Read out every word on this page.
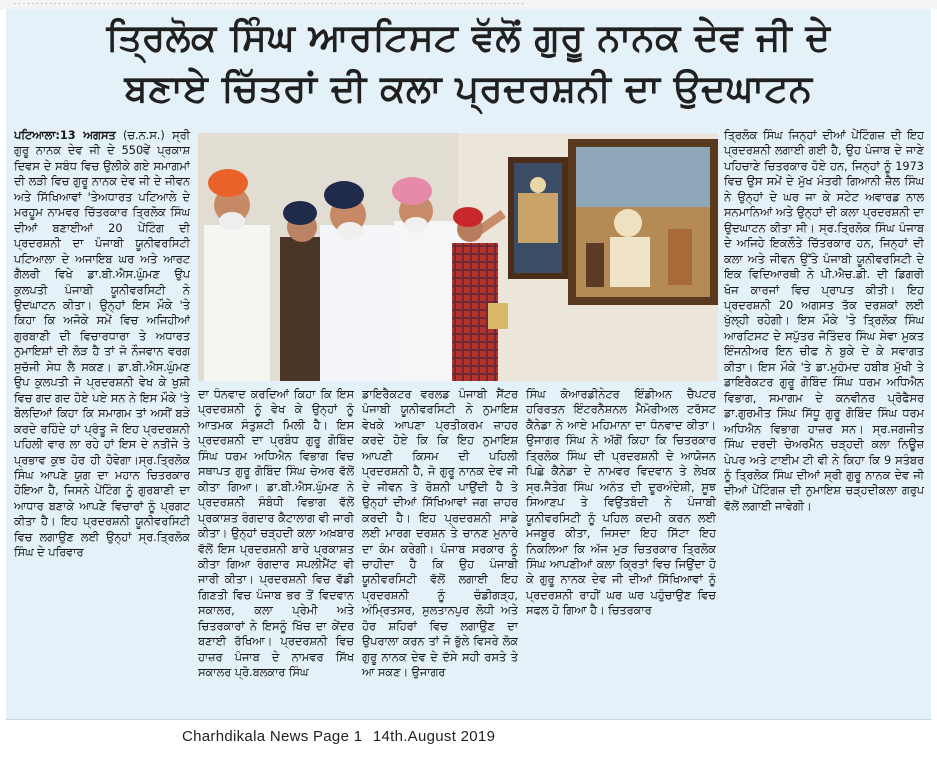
· · · · · · · · · · · · · · · · · · · · · · · · · · · · · · · · · · · · · · · · · · · · · · · · · · · · · · · · · · · · · · · · · · · · · · · · · · · · · · · · · · · · · · · · · · · · · · · · · · · · · · · · · · · · · · · · · · ·
ਤ੍ਰਿਲੋਕ ਸਿੰਘ ਆਰਟਿਸਟ ਵੱਲੋਂ ਗੁਰੂ ਨਾਨਕ ਦੇਵ ਜੀ ਦੇ
ਬਣਾਏ ਚਿੱਤਰਾਂ ਦੀ ਕਲਾ ਪ੍ਰਦਰਸ਼ਨੀ ਦਾ ਉਦਘਾਟਨ
ਪਟਿਆਲਾ:13 ਅਗਸਤ (ਚ.ਨ.ਸ.) ਸ੍ਰੀ ਗੁਰੂ ਨਾਨਕ ਦੇਵ ਜੀ ਦੇ 550ਵੇਂ ਪ੍ਰਕਾਸ਼ ਦਿਵਸ ਦੇ ਸਬੰਧ ਵਿਚ ਉਲੀਕੇ ਗਏ ਸਮਾਗਮਾਂ ਦੀ ਲੜੀ ਵਿਚ ਗੁਰੂ ਨਾਨਕ ਦੇਵ ਜੀ ਦੇ ਜੀਵਨ ਅਤੇ ਸਿੱਖਿਆਵਾਂ 'ਤੇਅਧਾਰਤ ਪਟਿਆਲੇ ਦੇ ਮਰਹੂਮ ਨਾਮਵਰ ਚਿੱਤਰਕਾਰ ਤ੍ਰਿਲੋਕ ਸਿੰਘ ਦੀਆਂ ਬਣਾਈਆਂ 20 ਪੇਂਟਿੰਗ ਦੀ ਪ੍ਰਦਰਸ਼ਨੀ ਦਾ ਪੰਜਾਬੀ ਯੂਨੀਵਰਸਿਟੀ ਪਟਿਆਲਾ ਦੇ ਅਜਾਇਬ ਘਰ ਅਤੇ ਆਰਟ ਗੈਲਰੀ ਵਿਖੇ ਡਾ.ਬੀ.ਐਸ.ਘੁੰਮਣ ਉਪ ਕੁਲਪਤੀ ਪੰਜਾਬੀ ਯੂਨੀਵਰਸਿਟੀ ਨੇ ਉਦਘਾਟਨ ਕੀਤਾ। ਉਨ੍ਹਾਂ ਇਸ ਮੌਕੇ 'ਤੇ ਕਿਹਾ ਕਿ ਅਜੋਕੇ ਸਮੇਂ ਵਿਚ ਅਜਿਹੀਆਂ ਗੁਰਬਾਣੀ ਦੀ ਵਿਚਾਰਧਾਰਾ ਤੇ ਅਧਾਰਤ ਨੁਮਾਇਸ਼ਾਂ ਦੀ ਲੋੜ ਹੈ ਤਾਂ ਜੋ ਨੌਜਵਾਨ ਵਰਗ ਸੁਚੱਜੀ ਸੇਧ ਲੈ ਸਕਣ। ਡਾ.ਬੀ.ਐਸ.ਘੁੰਮਣ ਉਪ ਕੁਲਪਤੀ ਜੋ ਪ੍ਰਦਰਸ਼ਨੀ ਵੇਖ ਕੇ ਖੁਸ਼ੀ ਵਿਚ ਗਦ ਗਦ ਹੋਏ ਪਏ ਸਨ ਨੇ ਇਸ ਮੌਕੇ 'ਤੇ ਬੋਲਦਿਆਂ ਕਿਹਾ ਕਿ ਸਮਾਗਮ ਤਾਂ ਅਸੀਂ ਬੜੇ ਕਰਦੇ ਰਹਿੰਦੇ ਹਾਂ ਪ੍ਰੰਤੂ ਜੋ ਇਹ ਪ੍ਰਦਰਸ਼ਨੀ ਪਹਿਲੀ ਵਾਰ ਲਾ ਰਹੇ ਹਾਂ ਇਸ ਦੇ ਨਤੀਜੇ ਤੇ ਪ੍ਰਭਾਵ ਕੁਝ ਹੋਰ ਹੀ ਹੋਵੇਗਾ।ਸ੍ਰ.ਤ੍ਰਿਲੋਕ ਸਿੰਘ ਆਪਣੇ ਯੁਗ ਦਾ ਮਹਾਨ ਚਿਤਰਕਾਰ ਹੋਇਆ ਹੈ, ਜਿਸਨੇ ਪੇਂਟਿੰਗ ਨੂੰ ਗੁਰਬਾਣੀ ਦਾ ਆਧਾਰ ਬਣਾਕੇ ਆਪਣੇ ਵਿਚਾਰਾਂ ਨੂੰ ਪ੍ਰਗਟ ਕੀਤਾ ਹੈ। ਇਹ ਪ੍ਰਦਰਸ਼ਨੀ ਯੂਨੀਵਰਸਿਟੀ ਵਿਚ ਲਗਾਉਣ ਲਈ ਉਨ੍ਹਾਂ ਸ੍ਰ.ਤ੍ਰਿਲੋਕ ਸਿੰਘ ਦੇ ਪਰਿਵਾਰ
ਦਾ ਧੰਨਵਾਦ ਕਰਦਿਆਂ ਕਿਹਾ ਕਿ ਇਸ ਪ੍ਰਦਰਸ਼ਨੀ ਨੂੰ ਵੇਖ ਕੇ ਉਨ੍ਹਾਂ ਨੂੰ ਆਤਮਕ ਸੰਤੁਸ਼ਟੀ ਮਿਲੀ ਹੈ। ਇਸ ਪ੍ਰਦਰਸ਼ਨੀ ਦਾ ਪ੍ਰਬੰਧ ਗੁਰੂ ਗੋਬਿੰਦ ਸਿੰਘ ਧਰਮ ਅਧਿਐਨ ਵਿਭਾਗ ਵਿਚ ਸਥਾਪਤ ਗੁਰੂ ਗੋਬਿੰਦ ਸਿੰਘ ਚੇਅਰ ਵੱਲੋਂ ਕੀਤਾ ਗਿਆ। ਡਾ.ਬੀ.ਐਸ.ਘੁੰਮਣ ਨੇ ਪ੍ਰਦਰਸ਼ਨੀ ਸੰਬੰਧੀ ਵਿਭਾਗ ਵੱਲੋਂ ਪ੍ਰਕਾਸ਼ਤ ਰੰਗਦਾਰ ਕੈਟਾਲਾਗ ਵੀ ਜਾਰੀ ਕੀਤਾ। ਉਨ੍ਹਾਂ ਚੜ੍ਹਦੀ ਕਲਾ ਅਖ਼ਬਾਰ ਵੱਲੋਂ ਇਸ ਪ੍ਰਦਰਸ਼ਨੀ ਬਾਰੇ ਪ੍ਰਕਾਸ਼ਤ ਕੀਤਾ ਗਿਆ ਰੰਗਦਾਰ ਸਪਲੀਮੈਂਟ ਵੀ ਜਾਰੀ ਕੀਤਾ। ਪ੍ਰਦਰਸ਼ਨੀ ਵਿਚ ਵੱਡੀ ਗਿਣਤੀ ਵਿਚ ਪੰਜਾਬ ਭਰ ਤੋਂ ਵਿਦਵਾਨ ਸਕਾਲਰ, ਕਲਾ ਪ੍ਰੇਮੀ ਅਤੇ ਚਿਤਰਕਾਰਾਂ ਨੇ ਇਸਨੂੰ ਖਿੱਚ ਦਾ ਕੇਂਦਰ ਬਣਾਈ ਰੱਖਿਆ। ਪ੍ਰਦਰਸ਼ਨੀ ਵਿਚ ਹਾਜ਼ਰ ਪੰਜਾਬ ਦੇ ਨਾਮਵਰ ਸਿੱਖ ਸਕਾਲਰ ਪ੍ਰੋ.ਬਲਕਾਰ ਸਿੰਘ
ਡਾਇਰੈਕਟਰ ਵਰਲਡ ਪੰਜਾਬੀ ਸੈਂਟਰ ਪੰਜਾਬੀ ਯੂਨੀਵਰਸਿਟੀ ਨੇ ਨੁਮਾਇਸ਼ ਵੇਖਕੇ ਆਪਣਾ ਪ੍ਰਤੀਕਰਮ ਜ਼ਾਹਰ ਕਰਦੇ ਹੋਏ ਕਿ ਕਿ ਇਹ ਨੁਮਾਇਸ਼ ਆਪਣੀ ਕਿਸਮ ਦੀ ਪਹਿਲੀ ਪ੍ਰਦਰਸ਼ਨੀ ਹੈ, ਜੋ ਗੁਰੂ ਨਾਨਕ ਦੇਵ ਜੀ ਦੇ ਜੀਵਨ ਤੇ ਰੋਸ਼ਨੀ ਪਾਉਂਦੀ ਹੈ ਤੇ ਉਨ੍ਹਾਂ ਦੀਆਂ ਸਿੱਖਿਆਵਾਂ ਜਗ ਜ਼ਾਹਰ ਕਰਦੀ ਹੈ। ਇਹ ਪ੍ਰਦਰਸ਼ਨੀ ਸਾਡੇ ਲਈ ਮਾਰਗ ਦਰਸ਼ਨ ਤੇ ਚਾਨਣ ਮੁਨਾਰੇ ਦਾ ਕੰਮ ਕਰੇਗੀ। ਪੰਜਾਬ ਸਰਕਾਰ ਨੂੰ ਚਾਹੀਦਾ ਹੈ ਕਿ ਉਹ ਪੰਜਾਬੀ ਯੂਨੀਵਰਸਿਟੀ ਵੱਲੋਂ ਲਗਾਈ ਇਹ ਪ੍ਰਦਰਸ਼ਨੀ ਨੂੰ ਚੰਡੀਗੜ੍ਹ, ਅੰਮ੍ਰਿਤਸਰ, ਸੁਲਤਾਨਪੁਰ ਲੋਧੀ ਅਤੇ ਹੋਰ ਸ਼ਹਿਰਾਂ ਵਿਚ ਲਗਾਉਣ ਦਾ ਉਪਰਾਲਾ ਕਰਨ ਤਾਂ ਜੋ ਭੁੱਲੇ ਵਿਸਰੇ ਲੋਕ ਗੁਰੂ ਨਾਨਕ ਦੇਵ ਦੇ ਦੱਸੇ ਸਹੀ ਰਸਤੇ ਤੇ ਆ ਸਕਣ। ਉਜਾਗਰ
ਸਿੰਘ ਕੋਆਰਡੀਨੇਟਰ ਇੰਡੀਅਨ ਚੈਪਟਰ ਹਰਿਰਤਨ ਇੰਟਰਨੈਸ਼ਨਲ ਮੈਮੋਰੀਅਲ ਟਰੱਸਟ ਕੈਨੇਡਾ ਨੇ ਆਏ ਮਹਿਮਾਨਾ ਦਾ ਧੰਨਵਾਦ ਕੀਤਾ। ਉਜਾਗਰ ਸਿੰਘ ਨੇ ਅੱਗੋਂ ਕਿਹਾ ਕਿ ਚਿਤਰਕਾਰ ਤ੍ਰਿਲੋਕ ਸਿੰਘ ਦੀ ਪ੍ਰਦਰਸ਼ਨੀ ਦੇ ਆਯੋਜਨ ਪਿਛੇ ਕੈਨੇਡਾ ਦੇ ਨਾਮਵਰ ਵਿਦਵਾਨ ਤੇ ਲੇਖਕ ਸ੍ਰ.ਜੈਤੇਗ ਸਿੰਘ ਅਨੰਤ ਦੀ ਦੂਰਅੰਦੇਸ਼ੀ, ਸੂਝ ਸਿਆਣਪ ਤੇ ਵਿਉਂਤਬੰਦੀ ਨੇ ਪੰਜਾਬੀ ਯੂਨੀਵਰਸਿਟੀ ਨੂੰ ਪਹਿਲ ਕਦਮੀ ਕਰਨ ਲਈ ਮਜਬੂਰ ਕੀਤਾ, ਜਿਸਦਾ ਇਹ ਸਿੱਟਾ ਇਹ ਨਿਕਲਿਆ ਕਿ ਅੱਜ ਮੁੜ ਚਿਤਰਕਾਰ ਤ੍ਰਿਲੋਕ ਸਿੰਘ ਆਪਣੀਆਂ ਕਲਾ ਕ੍ਰਿਤਾਂ ਵਿਚ ਜਿਉਂਦਾ ਹੋ ਕੇ ਗੁਰੂ ਨਾਨਕ ਦੇਵ ਜੀ ਦੀਆਂ ਸਿੱਖਿਆਵਾਂ ਨੂੰ ਪ੍ਰਦਰਸ਼ਨੀ ਰਾਹੀਂ ਘਰ ਘਰ ਪਹੁੰਚਾਉਣ ਵਿਚ ਸਫਲ ਹੋ ਗਿਆ ਹੈ। ਚਿਤਰਕਾਰ
ਤ੍ਰਿਲੋਕ ਸਿੰਘ ਜਿਨ੍ਹਾਂ ਦੀਆਂ ਪੇਂਟਿੰਗਜ਼ ਦੀ ਇਹ ਪ੍ਰਦਰਸ਼ਨੀ ਲਗਾਈ ਗਈ ਹੈ, ਉਹ ਪੰਜਾਬ ਦੇ ਜਾਣੇ ਪਹਿਚਾਣੇ ਚਿਤਰਕਾਰ ਹੋਏ ਹਨ, ਜਿਨ੍ਹਾਂ ਨੂੰ 1973 ਵਿਚ ਉਸ ਸਮੇਂ ਦੇ ਮੁੱਖ ਮੰਤਰੀ ਗਿਆਨੀ ਜ਼ੈਲ ਸਿੰਘ ਨੇ ਉਨ੍ਹਾਂ ਦੇ ਘਰ ਜਾ ਕੇ ਸਟੇਟ ਅਵਾਰਡ ਨਾਲ ਸਨਮਾਨਿਆਂ ਅਤੇ ਉਨ੍ਹਾਂ ਦੀ ਕਲਾ ਪ੍ਰਦਰਸ਼ਨੀ ਦਾ ਉਦਘਾਟਨ ਕੀਤਾ ਸੀ। ਸ੍ਰ.ਤ੍ਰਿਲੋਕ ਸਿੰਘ ਪੰਜਾਬ ਦੇ ਅਜਿਹੇ ਇਕਲੌਤੇ ਚਿੱਤਰਕਾਰ ਹਨ, ਜਿਨ੍ਹਾਂ ਦੀ ਕਲਾ ਅਤੇ ਜੀਵਨ ਉੱਤੇ ਪੰਜਾਬੀ ਯੂਨੀਵਰਸਿਟੀ ਦੇ ਇਕ ਵਿਦਿਆਰਥੀ ਨੇ ਪੀ.ਐਚ.ਡੀ. ਦੀ ਡਿਗਰੀ ਖੋਜ ਕਾਰਜਾਂ ਵਿਚ ਪ੍ਰਾਪਤ ਕੀਤੀ। ਇਹ ਪ੍ਰਦਰਸ਼ਨੀ 20 ਅਗਸਤ ਤੱਕ ਦਰਸ਼ਕਾਂ ਲਈ ਖੁੱਲ੍ਹੀ ਰਹੇਗੀ। ਇਸ ਮੌਕੇ 'ਤੇ ਤ੍ਰਿਲੋਕ ਸਿੰਘ ਆਰਟਿਸਟ ਦੇ ਸਪੁੱਤਰ ਜੋਤਿੰਦਰ ਸਿੰਘ ਸੇਵਾ ਮੁਕਤ ਇੰਜਨੀਅਰ ਇਨ ਚੀਫ ਨੇ ਬੁਕੇ ਦੇ ਕੇ ਸਵਾਗਤ ਕੀਤਾ। ਇਸ ਮੌਕੇ 'ਤੇ ਡਾ.ਮੁਹੰਮਦ ਹਬੀਬ ਮੁੱਖੀ ਤੇ ਡਾਇਰੈਕਟਰ ਗੁਰੂ ਗੋਬਿੰਦ ਸਿੰਘ ਧਰਮ ਅਧਿਐਨ ਵਿਭਾਗ, ਸਮਾਗਮ ਦੇ ਕਨਵੀਨਰ ਪ੍ਰੋਫੈਸਰ ਡਾ.ਗੁਰਮੀਤ ਸਿੰਘ ਸਿੱਧੂ ਗੁਰੂ ਗੋਬਿੰਦ ਸਿੰਘ ਧਰਮ ਅਧਿਐਨ ਵਿਭਾਗ ਹਾਜ਼ਰ ਸਨ। ਸ੍ਰ.ਜਗਜੀਤ ਸਿੰਘ ਦਰਦੀ ਚੇਅਰਮੈਨ ਚੜ੍ਹਦੀ ਕਲਾ ਨਿਊਜ਼ ਪੇਪਰ ਅਤੇ ਟਾਈਮ ਟੀ ਵੀ ਨੇ ਕਿਹਾ ਕਿ 9 ਸਤੰਬਰ ਨੂੰ ਤ੍ਰਿਲੋਕ ਸਿੰਘ ਦੀਆਂ ਸ੍ਰੀ ਗੁਰੂ ਨਾਨਕ ਦੇਵ ਜੀ ਦੀਆਂ ਪੇਂਟਿੰਗਜ਼ ਦੀ ਨੁਮਾਇਸ਼ ਚੜ੍ਹਦੀਕਲਾ ਗਰੁਪ ਵੱਲੋਂ ਲਗਾਈ ਜਾਵੇਗੀ।
Charhdikala News Page 1 14th.August 2019
